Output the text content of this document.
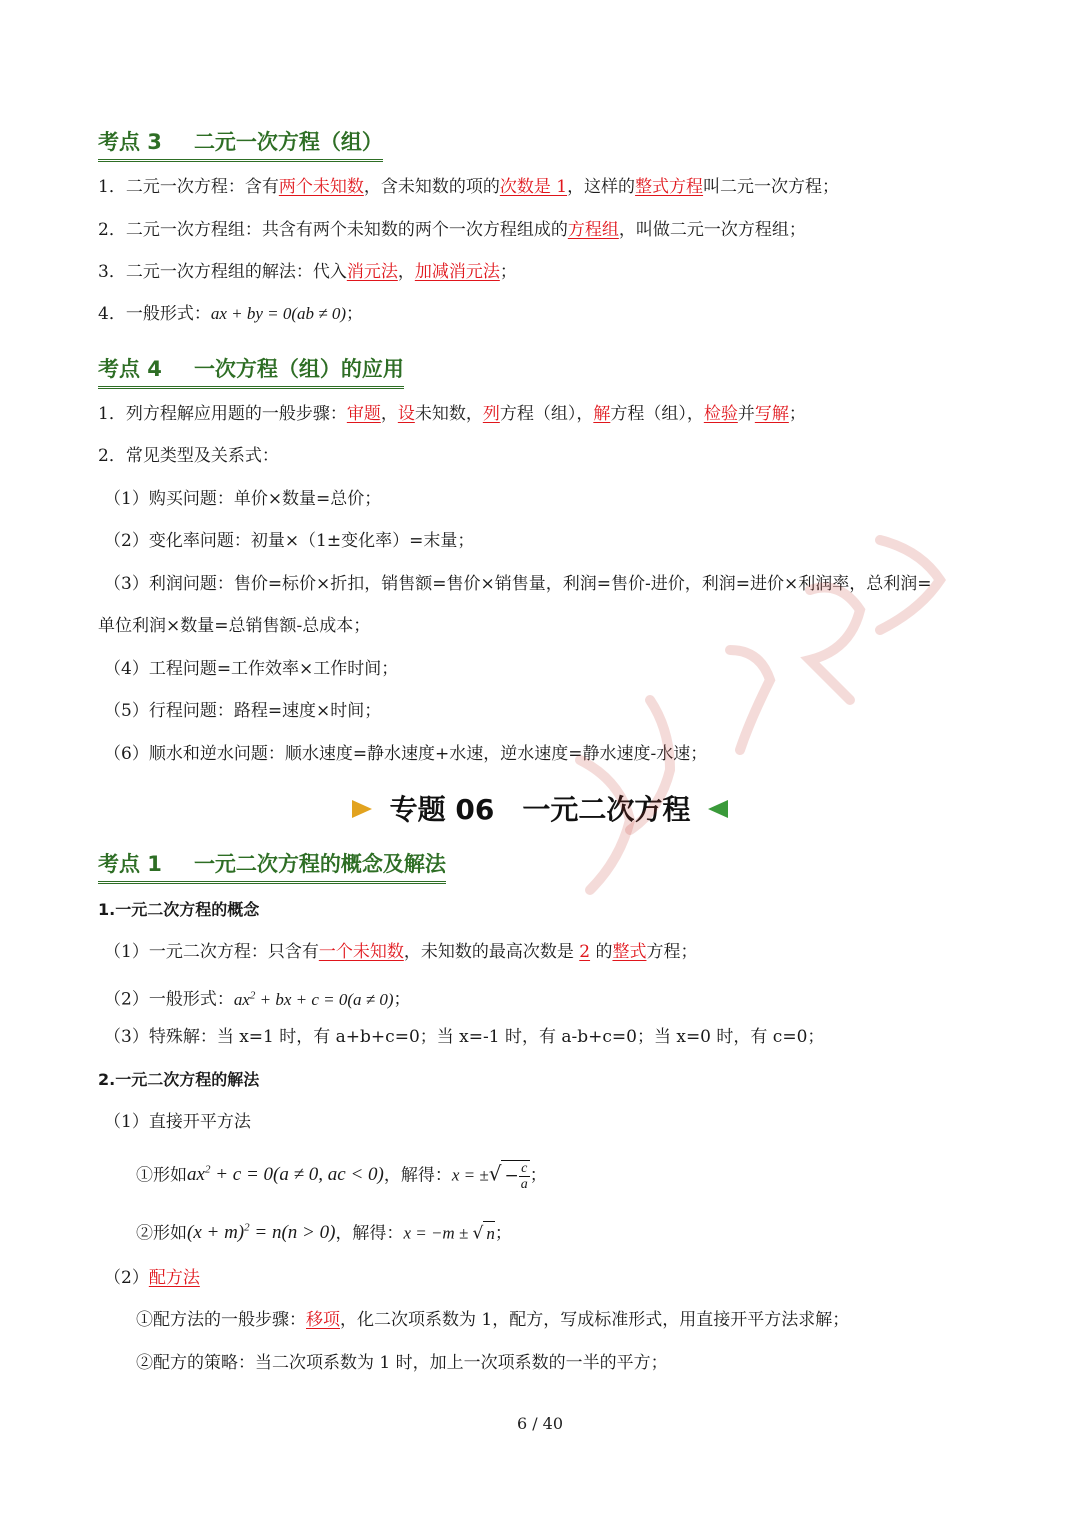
考点 3 二元一次方程（组）
1．二元一次方程：含有两个未知数，含未知数的项的次数是 1，这样的整式方程叫二元一次方程；
2．二元一次方程组：共含有两个未知数的两个一次方程组成的方程组，叫做二元一次方程组；
3．二元一次方程组的解法：代入消元法，加减消元法；
4．一般形式：ax + by = 0(ab ≠ 0)；
考点 4 一次方程（组）的应用
1．列方程解应用题的一般步骤：审题，设未知数，列方程（组），解方程（组），检验并写解；
2．常见类型及关系式：
（1）购买问题：单价×数量=总价；
（2）变化率问题：初量×（1±变化率）=末量；
（3）利润问题：售价=标价×折扣，销售额=售价×销售量，利润=售价-进价，利润=进价×利润率，总利润=
单位利润×数量=总销售额-总成本；
（4）工程问题=工作效率×工作时间；
（5）行程问题：路程=速度×时间；
（6）顺水和逆水问题：顺水速度=静水速度+水速，逆水速度=静水速度-水速；
专题 06 一元二次方程
考点 1 一元二次方程的概念及解法
1.一元二次方程的概念
（1）一元二次方程：只含有一个未知数，未知数的最高次数是 2 的整式方程；
（2）一般形式：$ax^2$ + bx + c = 0(a ≠ 0)；
（3）特殊解：当 x=1 时，有 a+b+c=0；当 x=-1 时，有 a-b+c=0；当 x=0 时，有 c=0；
2.一元二次方程的解法
（1）直接开平方法
①形如$ax^2 + c = 0(a \ne 0$, ac < 0)，解得：x = ±√ − $\frac{c}{a}$ ；
②形如$(x + m)^2 = n(n > 0)$，解得：x = −m ± √ n；
（2）配方法
①配方法的一般步骤：移项，化二次项系数为 1，配方，写成标准形式，用直接开平方法求解；
②配方的策略：当二次项系数为 1 时，加上一次项系数的一半的平方；
6 / 40
